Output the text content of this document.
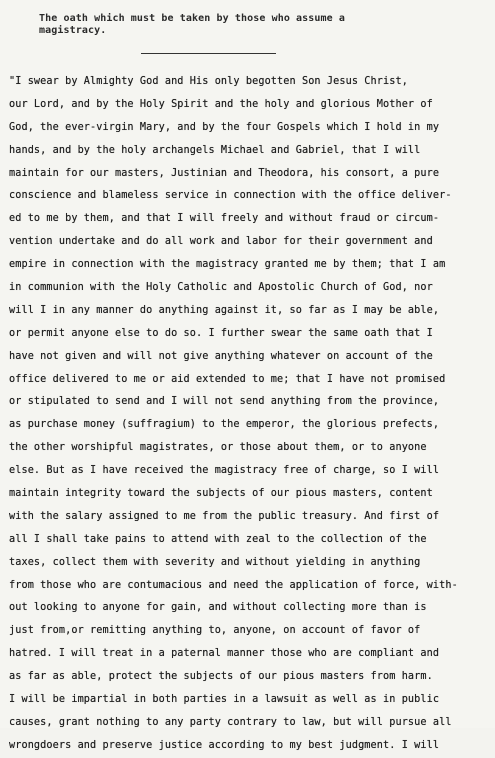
The oath which must be taken by those who assume a
magistracy.
"I swear by Almighty God and His only begotten Son Jesus Christ,
our Lord, and by the Holy Spirit and the holy and glorious Mother of
God, the ever-virgin Mary, and by the four Gospels which I hold in my
hands, and by the holy archangels Michael and Gabriel, that I will
maintain for our masters, Justinian and Theodora, his consort, a pure
conscience and blameless service in connection with the office deliver-
ed to me by them, and that I will freely and without fraud or circum-
vention undertake and do all work and labor for their government and
empire in connection with the magistracy granted me by them; that I am
in communion with the Holy Catholic and Apostolic Church of God, nor
will I in any manner do anything against it, so far as I may be able,
or permit anyone else to do so. I further swear the same oath that I
have not given and will not give anything whatever on account of the
office delivered to me or aid extended to me; that I have not promised
or stipulated to send and I will not send anything from the province,
as purchase money (suffragium) to the emperor, the glorious prefects,
the other worshipful magistrates, or those about them, or to anyone
else. But as I have received the magistracy free of charge, so I will
maintain integrity toward the subjects of our pious masters, content
with the salary assigned to me from the public treasury. And first of
all I shall take pains to attend with zeal to the collection of the
taxes, collect them with severity and without yielding in anything
from those who are contumacious and need the application of force, with-
out looking to anyone for gain, and without collecting more than is
just from,or remitting anything to, anyone, on account of favor of
hatred. I will treat in a paternal manner those who are compliant and
as far as able, protect the subjects of our pious masters from harm.
I will be impartial in both parties in a lawsuit as well as in public
causes, grant nothing to any party contrary to law, but will pursue all
wrongdoers and preserve justice according to my best judgment. I will
